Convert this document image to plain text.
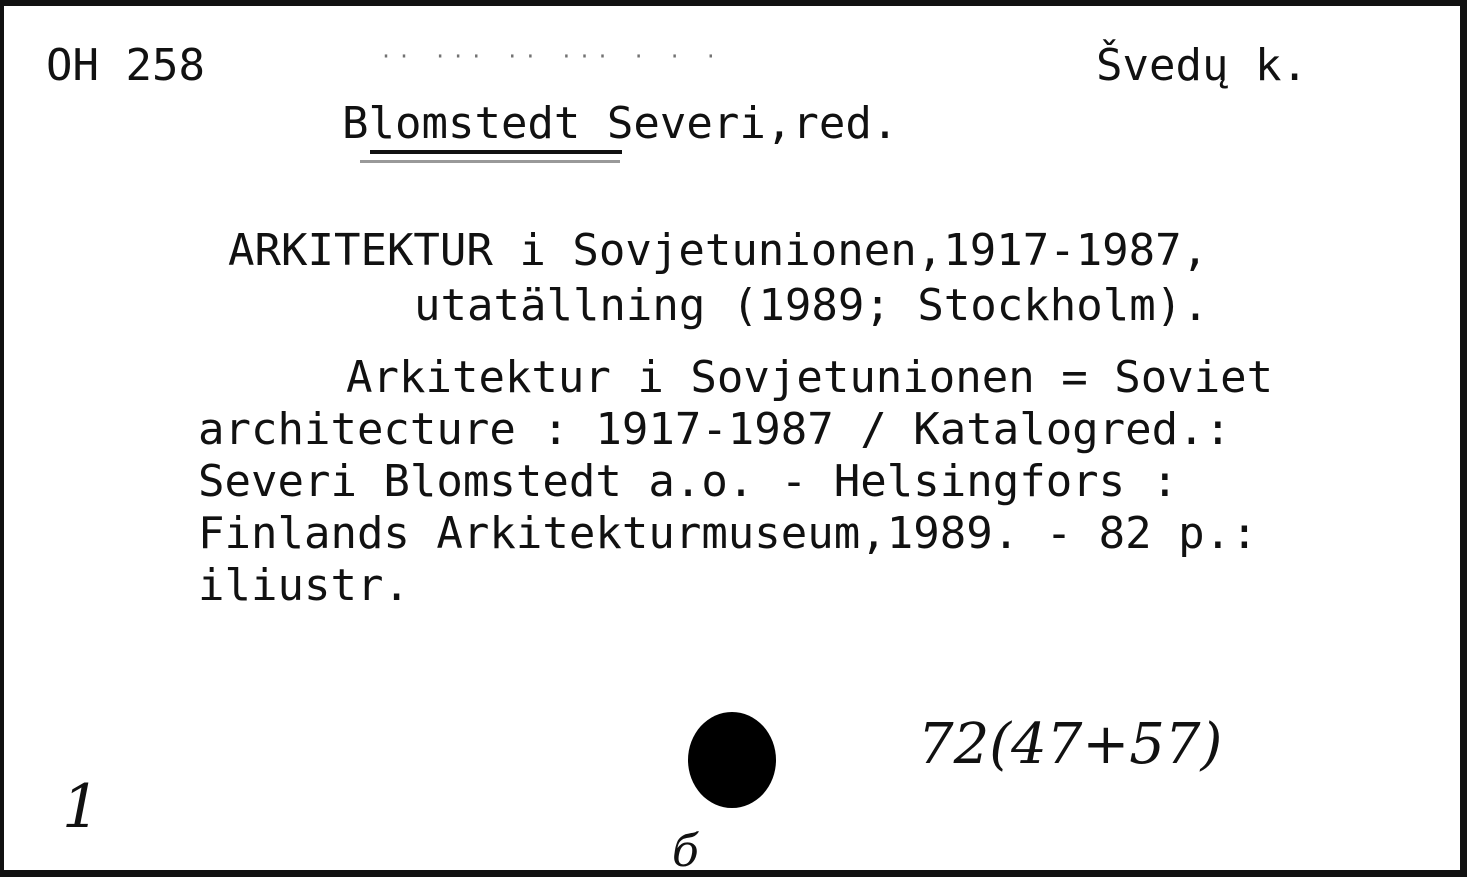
OH 258	·· ··· ·· ··· · · ·	Švedų k.
Blomstedt Severi,red.
ARKITEKTUR i Sovjetunionen,1917-1987,
utatällning (1989; Stockholm).
Arkitektur i Sovjetunionen = Soviet
architecture : 1917-1987 / Katalogred.:
Severi Blomstedt a.o. - Helsingfors :
Finlands Arkitekturmuseum,1989. - 82 p.:
iliustr.
72(47+57)
1
б
